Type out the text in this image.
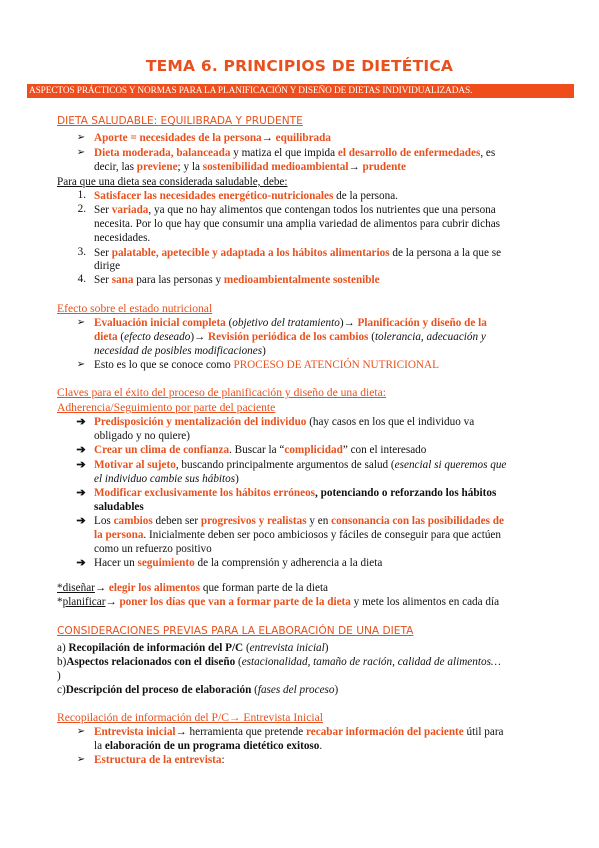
TEMA 6. PRINCIPIOS DE DIETÉTICA
ASPECTOS PRÁCTICOS Y NORMAS PARA LA PLANIFICACIÓN Y DISEÑO DE DIETAS INDIVIDUALIZADAS.
DIETA SALUDABLE: EQUILIBRADA Y PRUDENTE
➢ Aporte = necesidades de la persona→ equilibrada
➢ Dieta moderada, balanceada y matiza el que impida el desarrollo de enfermedades, es
decir, las previene; y la sostenibilidad medioambiental→ prudente
Para que una dieta sea considerada saludable, debe:
1. Satisfacer las necesidades energético-nutricionales de la persona.
2. Ser variada, ya que no hay alimentos que contengan todos los nutrientes que una persona
necesita. Por lo que hay que consumir una amplia variedad de alimentos para cubrir dichas
necesidades.
3. Ser palatable, apetecible y adaptada a los hábitos alimentarios de la persona a la que se
dirige
4. Ser sana para las personas y medioambientalmente sostenible
Efecto sobre el estado nutricional
➢ Evaluación inicial completa (objetivo del tratamiento)→ Planificación y diseño de la
dieta (efecto deseado)→ Revisión periódica de los cambios (tolerancia, adecuación y
necesidad de posibles modificaciones)
➢ Esto es lo que se conoce como PROCESO DE ATENCIÓN NUTRICIONAL
Claves para el éxito del proceso de planificación y diseño de una dieta:
Adherencia/Seguimiento por parte del paciente
➔ Predisposición y mentalización del individuo (hay casos en los que el individuo va
obligado y no quiere)
➔ Crear un clima de confianza. Buscar la “complicidad” con el interesado
➔ Motivar al sujeto, buscando principalmente argumentos de salud (esencial si queremos que
el individuo cambie sus hábitos)
➔ Modificar exclusivamente los hábitos erróneos, potenciando o reforzando los hábitos
saludables
➔ Los cambios deben ser progresivos y realistas y en consonancia con las posibilidades de
la persona. Inicialmente deben ser poco ambiciosos y fáciles de conseguir para que actúen
como un refuerzo positivo
➔ Hacer un seguimiento de la comprensión y adherencia a la dieta
*diseñar→ elegir los alimentos que forman parte de la dieta
*planificar→ poner los días que van a formar parte de la dieta y mete los alimentos en cada día
CONSIDERACIONES PREVIAS PARA LA ELABORACIÓN DE UNA DIETA
a) Recopilación de información del P/C (entrevista inicial)
b)Aspectos relacionados con el diseño (estacionalidad, tamaño de ración, calidad de alimentos…
)
c)Descripción del proceso de elaboración (fases del proceso)
Recopilación de información del P/C→ Entrevista Inicial
➢ Entrevista inicial→ herramienta que pretende recabar información del paciente útil para
la elaboración de un programa dietético exitoso.
➢ Estructura de la entrevista:
